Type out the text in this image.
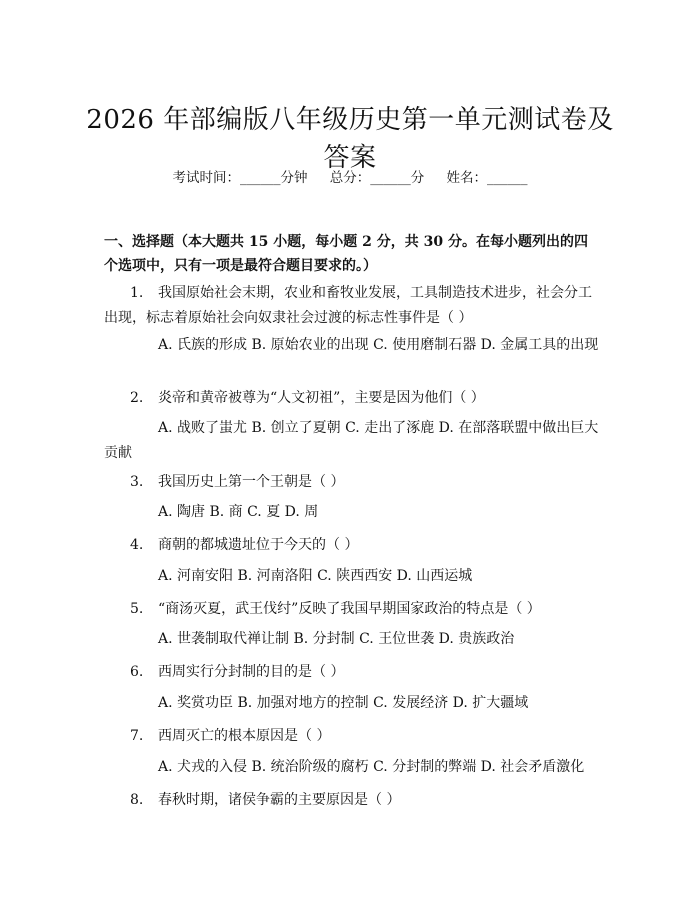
2026 年部编版八年级历史第一单元测试卷及
答案
考试时间：______分钟 总分：______分 姓名：______

一、选择题（本大题共 15 小题，每小题 2 分，共 30 分。在每小题列出的四个选项中，只有一项是最符合题目要求的。）

1. 我国原始社会末期，农业和畜牧业发展，工具制造技术进步，社会分工出现，标志着原始社会向奴隶社会过渡的标志性事件是（ ）

A. 氏族的形成 B. 原始农业的出现 C. 使用磨制石器 D. 金属工具的出现

2. 炎帝和黄帝被尊为“人文初祖”，主要是因为他们（ ）

A. 战败了蚩尤 B. 创立了夏朝 C. 走出了涿鹿 D. 在部落联盟中做出巨大贡献

3. 我国历史上第一个王朝是（ ）

A. 陶唐 B. 商 C. 夏 D. 周

4. 商朝的都城遗址位于今天的（ ）

A. 河南安阳 B. 河南洛阳 C. 陕西西安 D. 山西运城

5. “商汤灭夏，武王伐纣”反映了我国早期国家政治的特点是（ ）

A. 世袭制取代禅让制 B. 分封制 C. 王位世袭 D. 贵族政治

6. 西周实行分封制的目的是（ ）

A. 奖赏功臣 B. 加强对地方的控制 C. 发展经济 D. 扩大疆域

7. 西周灭亡的根本原因是（ ）

A. 犬戎的入侵 B. 统治阶级的腐朽 C. 分封制的弊端 D. 社会矛盾激化

8. 春秋时期，诸侯争霸的主要原因是（ ）
